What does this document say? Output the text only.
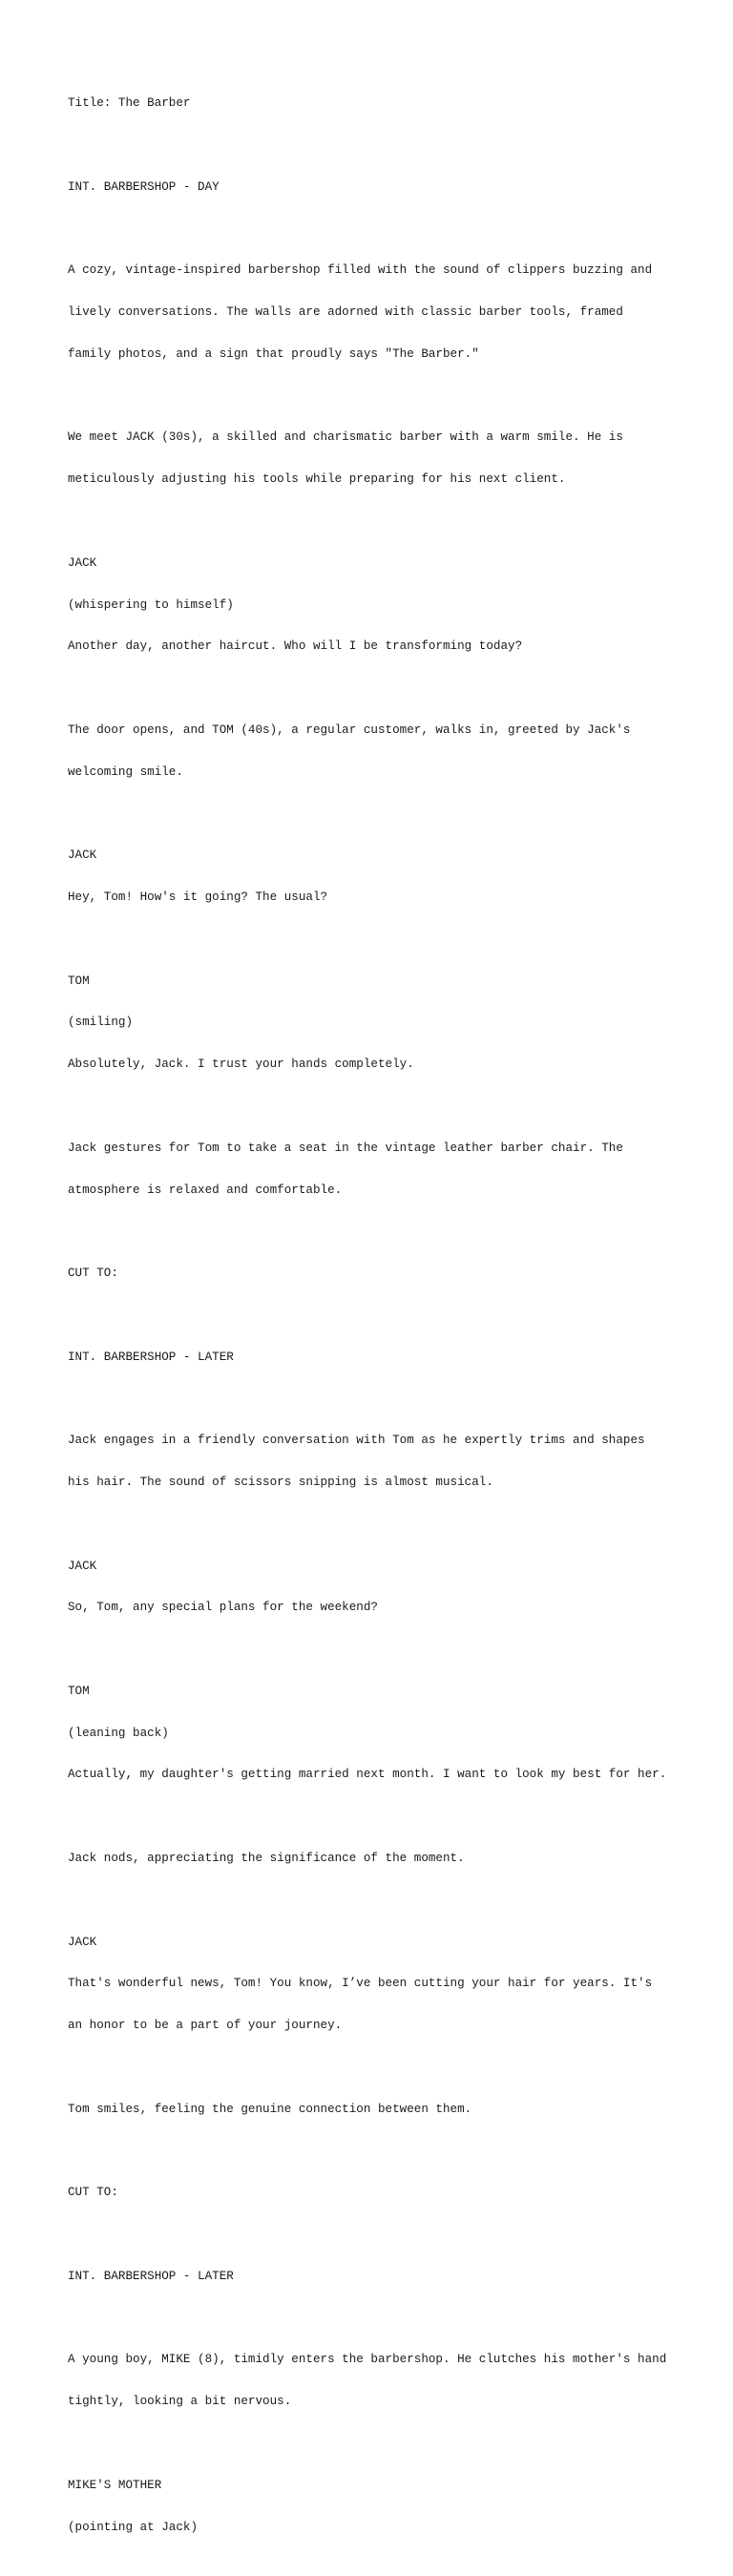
Title: The Barber

INT. BARBERSHOP - DAY

A cozy, vintage-inspired barbershop filled with the sound of clippers buzzing and

lively conversations. The walls are adorned with classic barber tools, framed

family photos, and a sign that proudly says "The Barber."

We meet JACK (30s), a skilled and charismatic barber with a warm smile. He is

meticulously adjusting his tools while preparing for his next client.

JACK

(whispering to himself)

Another day, another haircut. Who will I be transforming today?

The door opens, and TOM (40s), a regular customer, walks in, greeted by Jack's

welcoming smile.

JACK

Hey, Tom! How's it going? The usual?

TOM

(smiling)

Absolutely, Jack. I trust your hands completely.

Jack gestures for Tom to take a seat in the vintage leather barber chair. The

atmosphere is relaxed and comfortable.

CUT TO:

INT. BARBERSHOP - LATER

Jack engages in a friendly conversation with Tom as he expertly trims and shapes

his hair. The sound of scissors snipping is almost musical.

JACK

So, Tom, any special plans for the weekend?

TOM

(leaning back)

Actually, my daughter's getting married next month. I want to look my best for her.

Jack nods, appreciating the significance of the moment.

JACK

That's wonderful news, Tom! You know, I’ve been cutting your hair for years. It's

an honor to be a part of your journey.

Tom smiles, feeling the genuine connection between them.

CUT TO:

INT. BARBERSHOP - LATER

A young boy, MIKE (8), timidly enters the barbershop. He clutches his mother's hand

tightly, looking a bit nervous.

MIKE'S MOTHER

(pointing at Jack)
